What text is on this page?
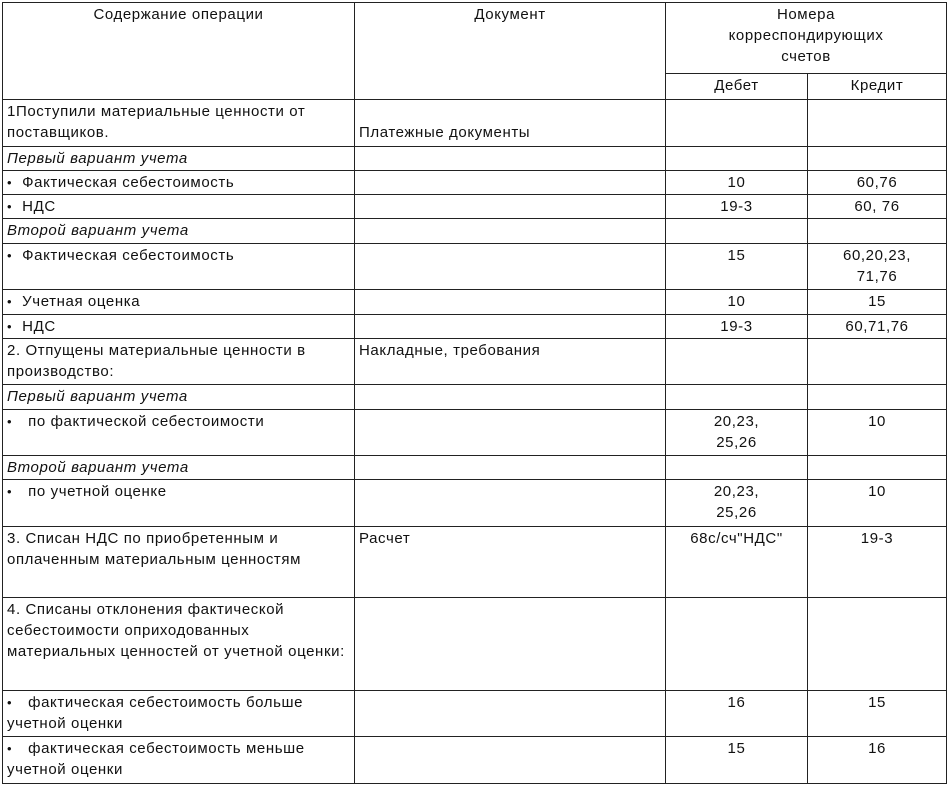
Содержание операции	Документ	Номера
корреспондирующих
счетов	
		Дебет	Кредит
1Поступили материальные ценности от поставщиков.	Платежные документы		
Первый вариант учета			
• Фактическая себестоимость		10	60,76
• НДС		19-3	60, 76
Второй вариант учета			
• Фактическая себестоимость		15	60,20,23, 71,76
• Учетная оценка		10	15
• НДС		19-3	60,71,76
2. Отпущены материальные ценности в производство:	Накладные, требования		
Первый вариант учета			
• по фактической себестоимости		20,23, 25,26	10
Второй вариант учета			
• по учетной оценке		20,23, 25,26	10
3. Списан НДС по приобретенным и оплаченным материальным ценностям	Расчет	68с/сч"НДС"	19-3
4. Списаны отклонения фактической себестоимости оприходованных материальных ценностей от учетной оценки:			
• фактическая себестоимость больше учетной оценки		16	15
• фактическая себестоимость меньше учетной оценки		15	16
